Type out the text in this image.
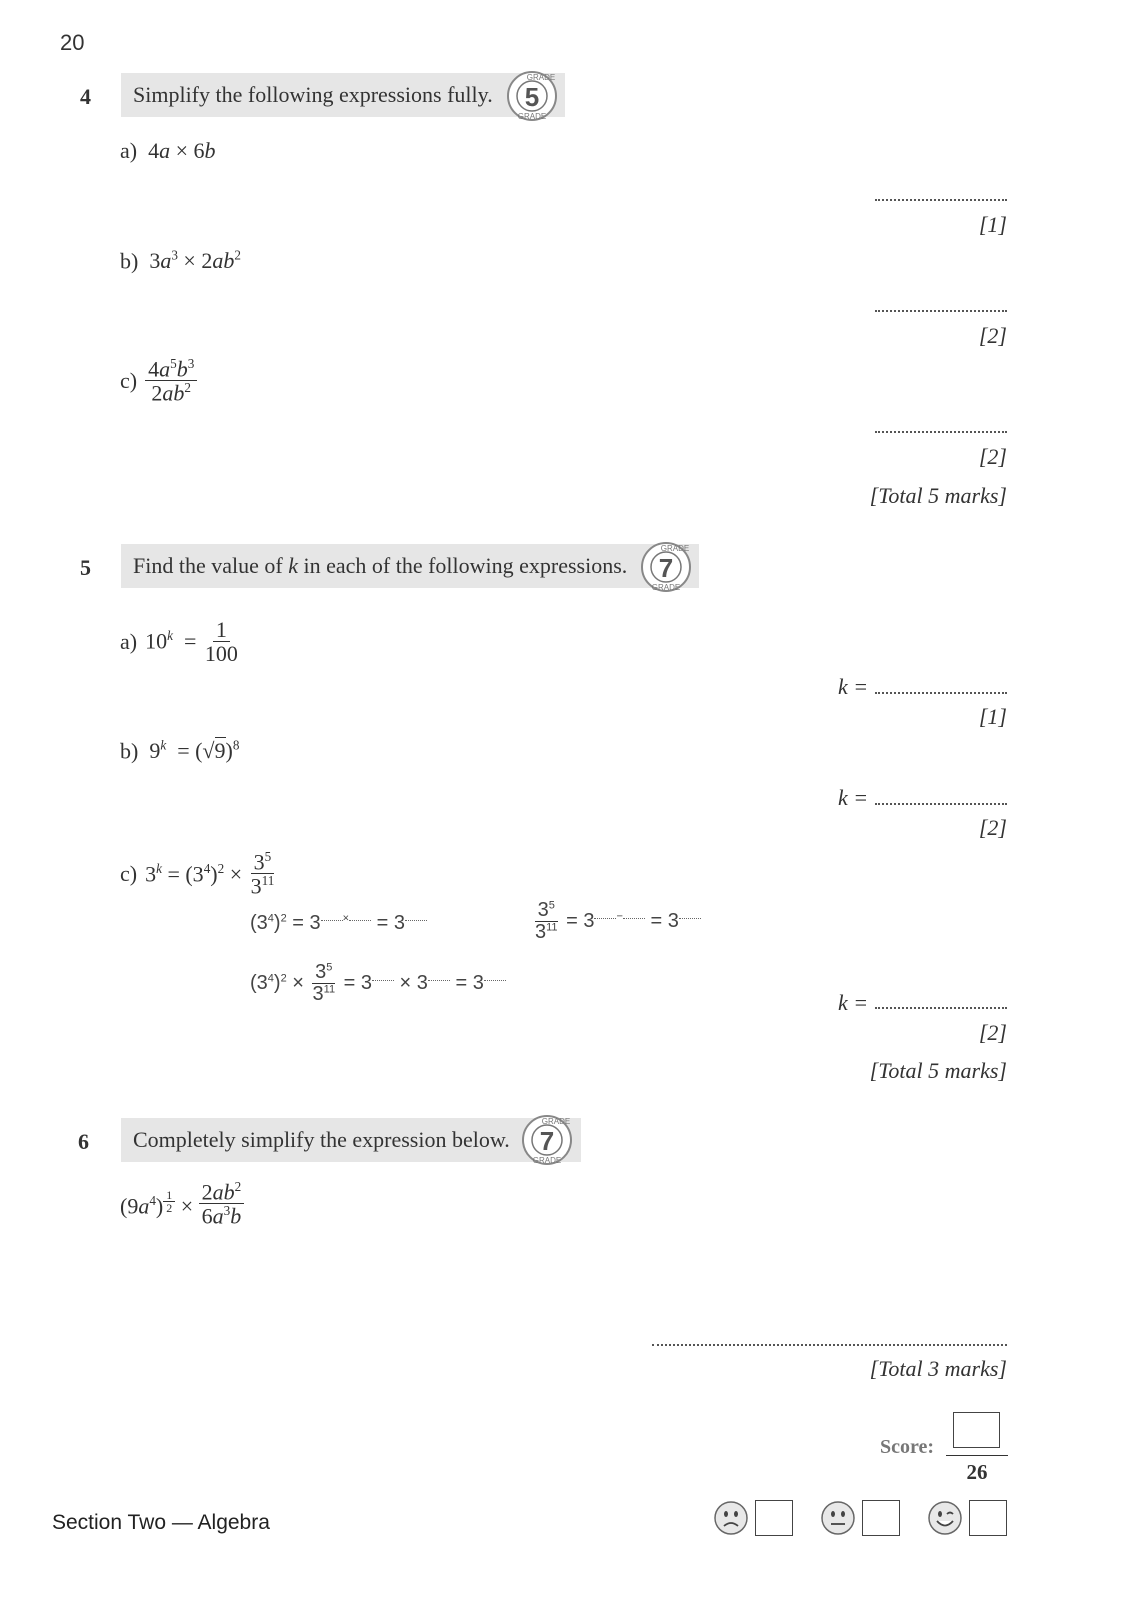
20
4 Simplify the following expressions fully. 5
GRADE
GRADE
a)  4a × 6b
[1]
b)  $3a^3 \times 2ab^2$
[2]
$c) \frac{4a^5b^3}{2ab^2}$
[2]
[Total 5 marks]
5 Find the value of k in each of the following expressions. 7
GRADE
GRADE
a) $10^k = \frac{1}{100}$
k =
[1]
b)  $9^k = (√9)^8$
k =
[2]
c) $3^k = (3^4)^2 \times \frac{3^5}{3^{11}}$
$(3^4)^2 = 3$ × = 3	$\frac{3^5}{3^{11}} = 3$ − = 3
$(3^4)^2 \times \frac{3^5}{3^{11}} = 3 \times 3 = 3$
k =
[2]
[Total 5 marks]
6 Completely simplify the expression below. 7
GRADE
GRADE
$(9a^4) ^{\frac{1}{2}} \times \frac{2ab^2}{6a^3b}$
[Total 3 marks]
Score:
26
Section Two — Algebra
